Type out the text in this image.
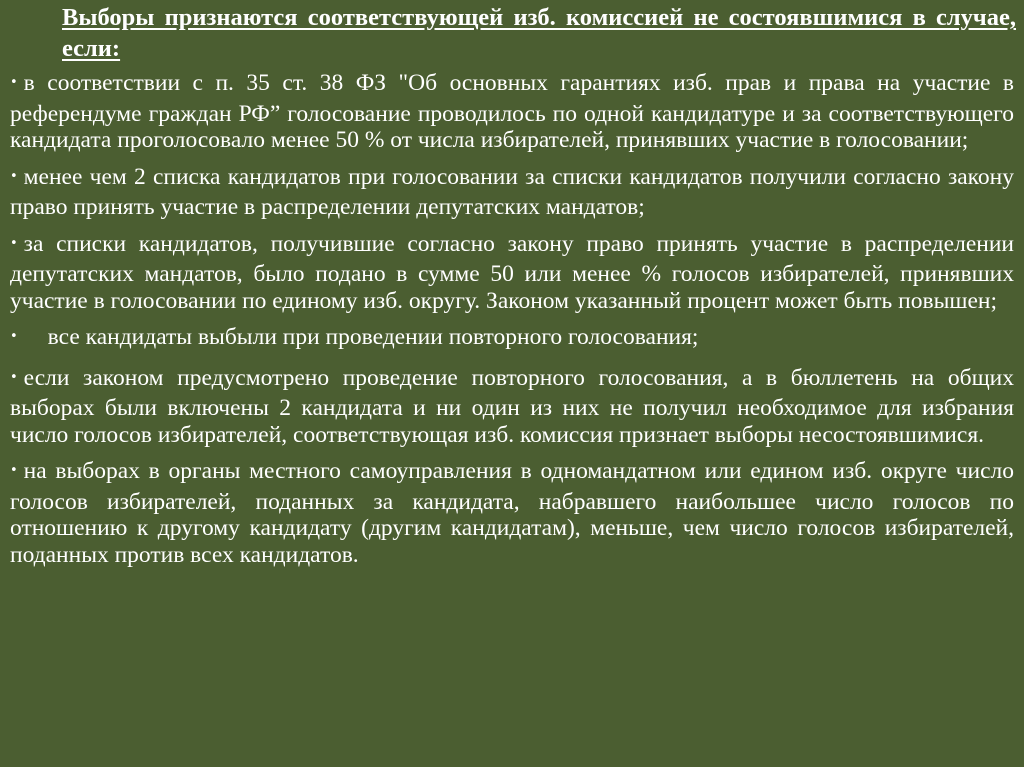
Выборы признаются соответствующей изб. комиссией не состоявшимися в случае, если:
• в соответствии с п. 35 ст. 38 ФЗ "Об основных гарантиях изб. прав и права на участие в референдуме граждан РФ” голосование проводилось по одной кандидатуре и за соответствующего кандидата проголосовало менее 50 % от числа избирателей, принявших участие в голосовании;
• менее чем 2 списка кандидатов при голосовании за списки кандидатов получили согласно закону право принять участие в распределении депутатских мандатов;
• за списки кандидатов, получившие согласно закону право принять участие в распределении депутатских мандатов, было подано в сумме 50 или менее % голосов избирателей, принявших участие в голосовании по единому изб. округу. Законом указанный процент может быть повышен;
• все кандидаты выбыли при проведении повторного голосования;
• если законом предусмотрено проведение повторного голосования, а в бюллетень на общих выборах были включены 2 кандидата и ни один из них не получил необходимое для избрания число голосов избирателей, соответствующая изб. комиссия признает выборы несостоявшимися.
• на выборах в органы местного самоуправления в одномандатном или едином изб. округе число голосов избирателей, поданных за кандидата, набравшего наибольшее число голосов по отношению к другому кандидату (другим кандидатам), меньше, чем число голосов избирателей, поданных против всех кандидатов.
